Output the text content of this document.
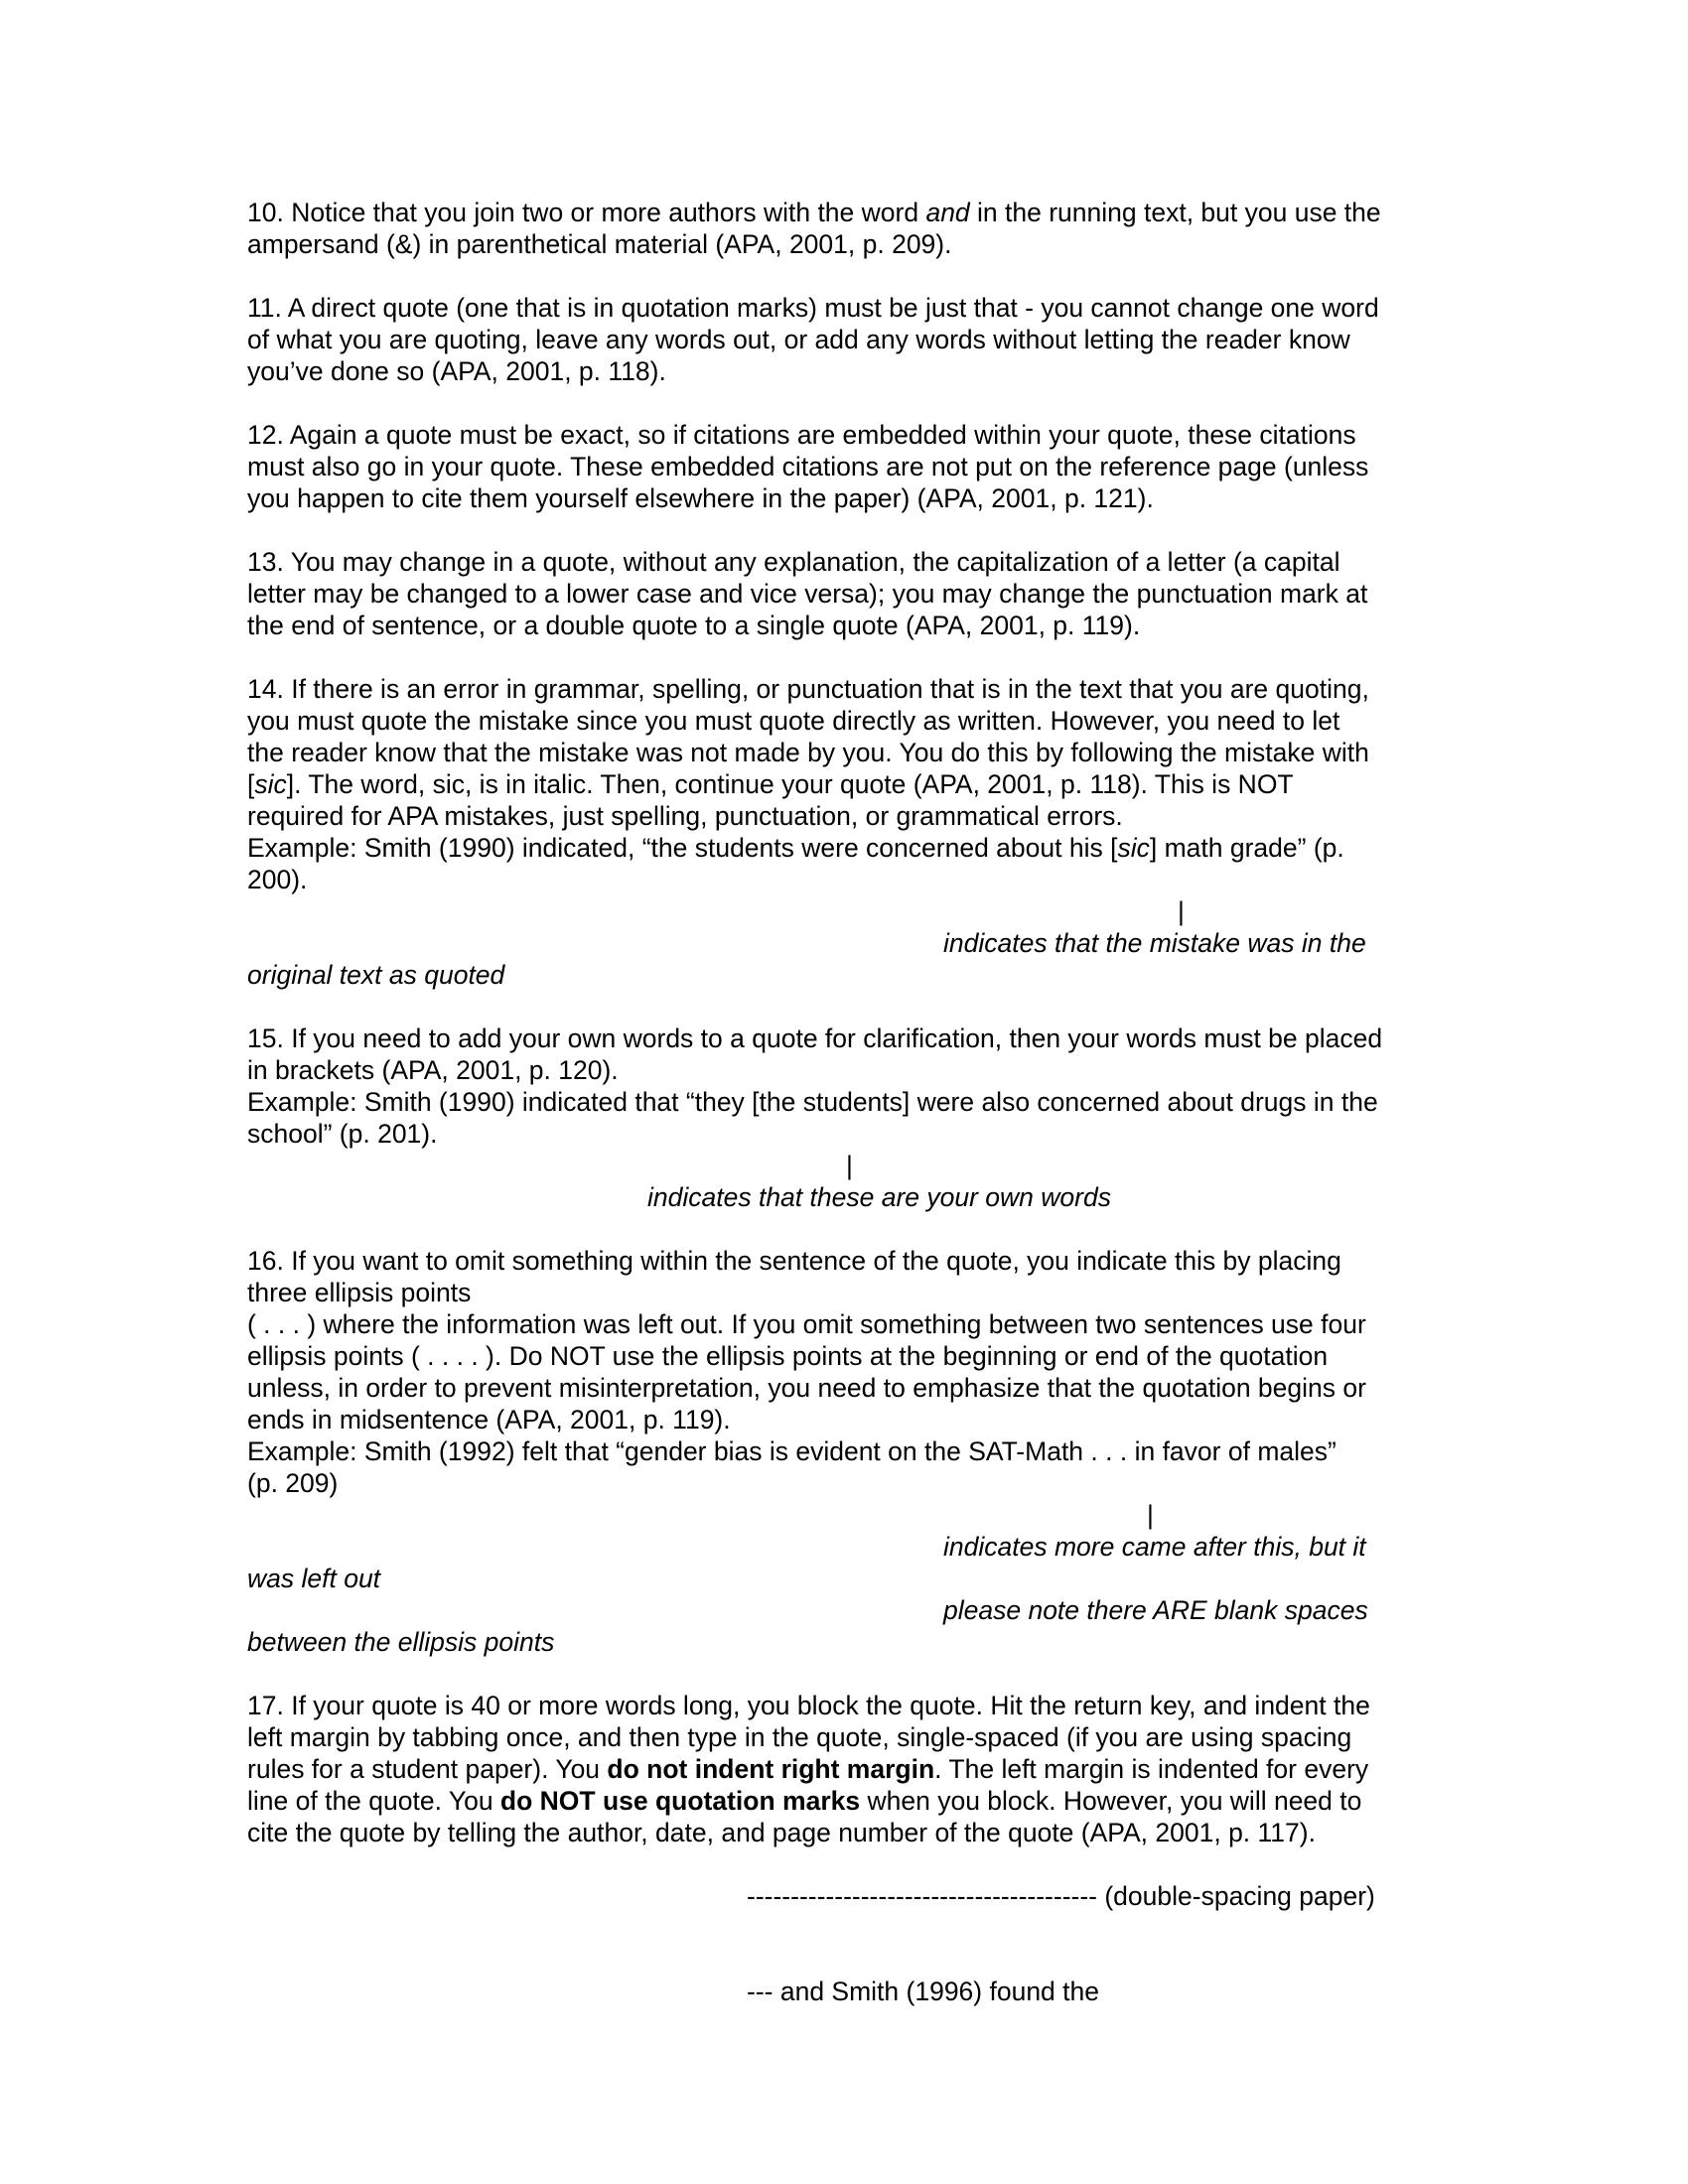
10. Notice that you join two or more authors with the word and in the running text, but you use the
ampersand (&) in parenthetical material (APA, 2001, p. 209).
11. A direct quote (one that is in quotation marks) must be just that - you cannot change one word
of what you are quoting, leave any words out, or add any words without letting the reader know
you’ve done so (APA, 2001, p. 118).
12. Again a quote must be exact, so if citations are embedded within your quote, these citations
must also go in your quote. These embedded citations are not put on the reference page (unless
you happen to cite them yourself elsewhere in the paper) (APA, 2001, p. 121).
13. You may change in a quote, without any explanation, the capitalization of a letter (a capital
letter may be changed to a lower case and vice versa); you may change the punctuation mark at
the end of sentence, or a double quote to a single quote (APA, 2001, p. 119).
14. If there is an error in grammar, spelling, or punctuation that is in the text that you are quoting,
you must quote the mistake since you must quote directly as written. However, you need to let
the reader know that the mistake was not made by you. You do this by following the mistake with
[sic]. The word, sic, is in italic. Then, continue your quote (APA, 2001, p. 118). This is NOT
required for APA mistakes, just spelling, punctuation, or grammatical errors.
Example: Smith (1990) indicated, “the students were concerned about his [sic] math grade” (p.
200).
|
indicates that the mistake was in the
original text as quoted
15. If you need to add your own words to a quote for clarification, then your words must be placed
in brackets (APA, 2001, p. 120).
Example: Smith (1990) indicated that “they [the students] were also concerned about drugs in the
school” (p. 201).
|
indicates that these are your own words
16. If you want to omit something within the sentence of the quote, you indicate this by placing
three ellipsis points
( . . . ) where the information was left out. If you omit something between two sentences use four
ellipsis points ( . . . . ). Do NOT use the ellipsis points at the beginning or end of the quotation
unless, in order to prevent misinterpretation, you need to emphasize that the quotation begins or
ends in midsentence (APA, 2001, p. 119).
Example: Smith (1992) felt that “gender bias is evident on the SAT-Math . . . in favor of males”
(p. 209)
|
indicates more came after this, but it
was left out
please note there ARE blank spaces
between the ellipsis points
17. If your quote is 40 or more words long, you block the quote. Hit the return key, and indent the
left margin by tabbing once, and then type in the quote, single-spaced (if you are using spacing
rules for a student paper). You do not indent right margin. The left margin is indented for every
line of the quote. You do NOT use quotation marks when you block. However, you will need to
cite the quote by telling the author, date, and page number of the quote (APA, 2001, p. 117).
---------------------------------------- (double-spacing paper)
--- and Smith (1996) found the
